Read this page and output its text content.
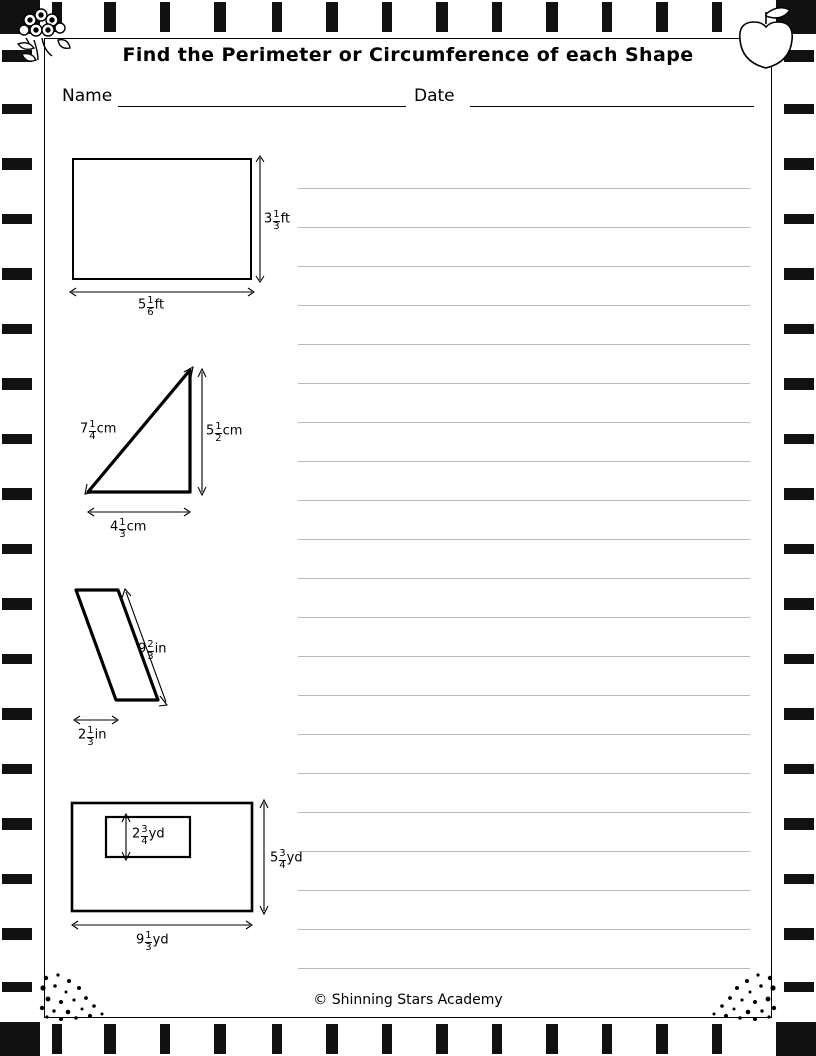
Find the Perimeter or Circumference of each Shape
Name	Date
$3 \frac{1}{3}$ ft
$5 \frac{1}{6}$ ft
$7 \frac{1}{4}$ cm	$5 \frac{1}{2}$ cm
$4 \frac{1}{3}$ cm
$9 \frac{2}{3}$ in
$2 \frac{1}{3}$ in
$2 \frac{3}{4}$ yd
$5 \frac{3}{4}$ yd
$9 \frac{1}{3}$ yd
© Shinning Stars Academy
